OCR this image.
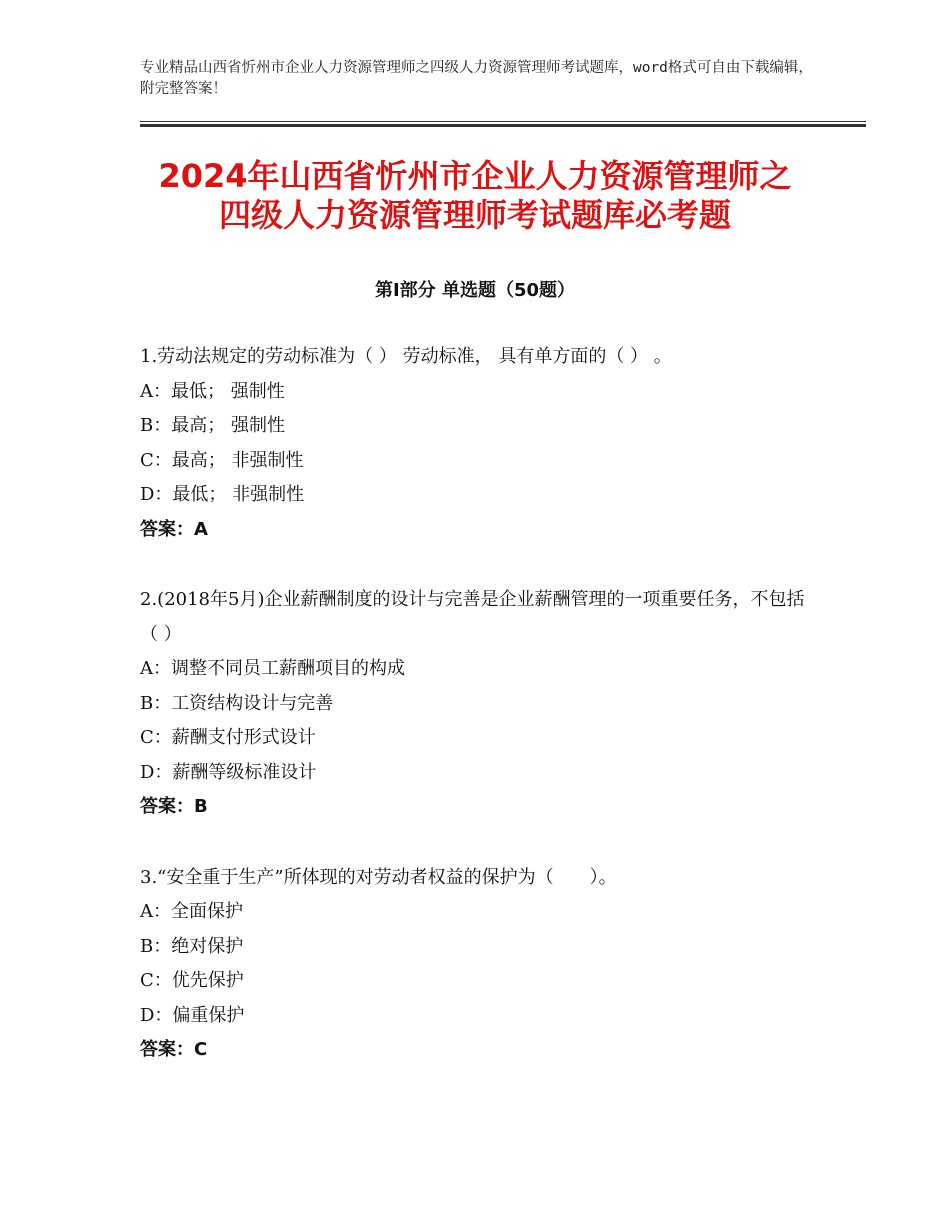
专业精品山西省忻州市企业人力资源管理师之四级人力资源管理师考试题库，word格式可自由下载编辑，附完整答案！
2024年山西省忻州市企业人力资源管理师之
四级人力资源管理师考试题库必考题
第Ⅰ部分 单选题（50题）

1.劳动法规定的劳动标准为（ ） 劳动标准， 具有单方面的（ ） 。

A：最低； 强制性

B：最高； 强制性

C：最高； 非强制性

D：最低； 非强制性

答案：A

2.(2018年5月)企业薪酬制度的设计与完善是企业薪酬管理的一项重要任务，不包括（ ）

A：调整不同员工薪酬项目的构成

B：工资结构设计与完善

C：薪酬支付形式设计

D：薪酬等级标准设计

答案：B

3.“安全重于生产”所体现的对劳动者权益的保护为（　　）。

A：全面保护

B：绝对保护

C：优先保护

D：偏重保护

答案：C
